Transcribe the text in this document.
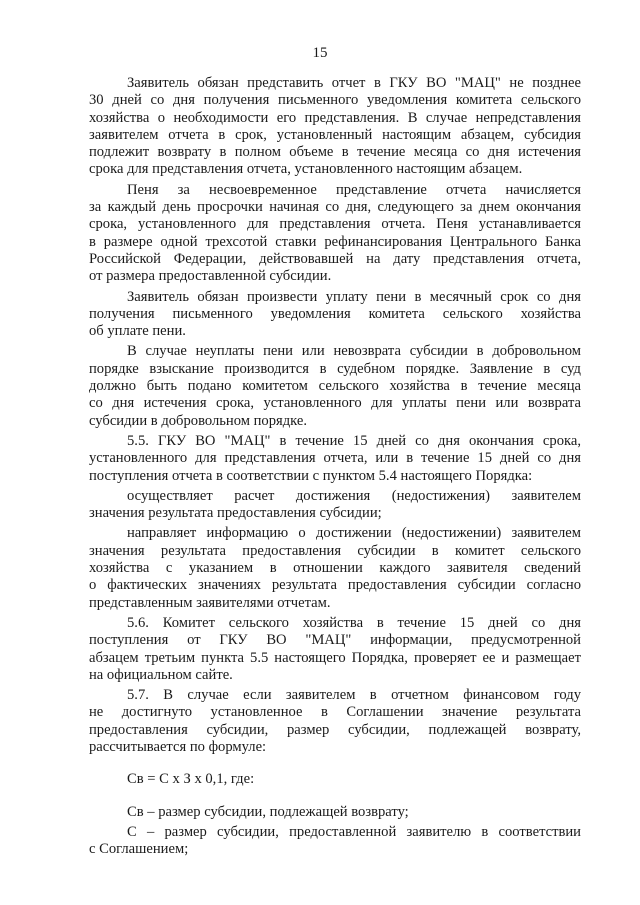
15
Заявитель обязан представить отчет в ГКУ ВО "МАЦ" не позднее
30 дней со дня получения письменного уведомления комитета сельского
хозяйства о необходимости его представления. В случае непредставления
заявителем отчета в срок, установленный настоящим абзацем, субсидия
подлежит возврату в полном объеме в течение месяца со дня истечения
срока для представления отчета, установленного настоящим абзацем.
Пеня за несвоевременное представление отчета начисляется
за каждый день просрочки начиная со дня, следующего за днем окончания
срока, установленного для представления отчета. Пеня устанавливается
в размере одной трехсотой ставки рефинансирования Центрального Банка
Российской Федерации, действовавшей на дату представления отчета,
от размера предоставленной субсидии.
Заявитель обязан произвести уплату пени в месячный срок со дня
получения письменного уведомления комитета сельского хозяйства
об уплате пени.
В случае неуплаты пени или невозврата субсидии в добровольном
порядке взыскание производится в судебном порядке. Заявление в суд
должно быть подано комитетом сельского хозяйства в течение месяца
со дня истечения срока, установленного для уплаты пени или возврата
субсидии в добровольном порядке.
5.5. ГКУ ВО "МАЦ" в течение 15 дней со дня окончания срока,
установленного для представления отчета, или в течение 15 дней со дня
поступления отчета в соответствии с пунктом 5.4 настоящего Порядка:
осуществляет расчет достижения (недостижения) заявителем
значения результата предоставления субсидии;
направляет информацию о достижении (недостижении) заявителем
значения результата предоставления субсидии в комитет сельского
хозяйства с указанием в отношении каждого заявителя сведений
о фактических значениях результата предоставления субсидии согласно
представленным заявителями отчетам.
5.6. Комитет сельского хозяйства в течение 15 дней со дня
поступления от ГКУ ВО "МАЦ" информации, предусмотренной
абзацем третьим пункта 5.5 настоящего Порядка, проверяет ее и размещает
на официальном сайте.
5.7. В случае если заявителем в отчетном финансовом году
не достигнуто установленное в Соглашении значение результата
предоставления субсидии, размер субсидии, подлежащей возврату,
рассчитывается по формуле:
Св = С х З х 0,1, где:
Св – размер субсидии, подлежащей возврату;
С – размер субсидии, предоставленной заявителю в соответствии
с Соглашением;
